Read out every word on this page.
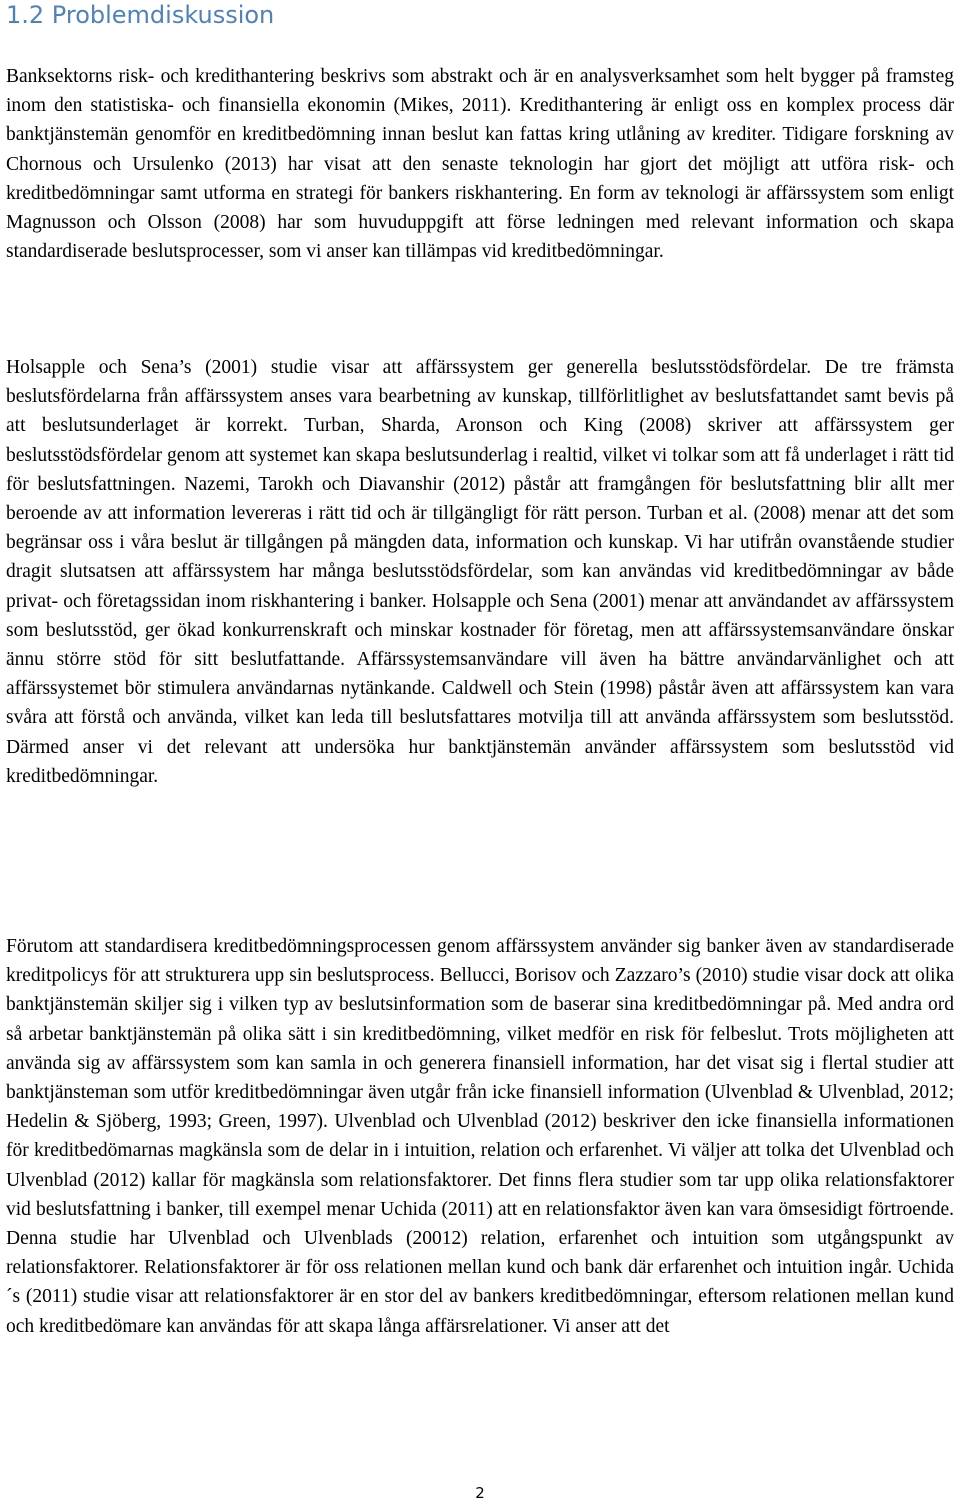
1.2 Problemdiskussion

Banksektorns risk- och kredithantering beskrivs som abstrakt och är en analysverksamhet som helt bygger på framsteg inom den statistiska- och finansiella ekonomin (Mikes, 2011). Kredithantering är enligt oss en komplex process där banktjänstemän genomför en kreditbedömning innan beslut kan fattas kring utlåning av krediter. Tidigare forskning av Chornous och Ursulenko (2013) har visat att den senaste teknologin har gjort det möjligt att utföra risk- och kreditbedömningar samt utforma en strategi för bankers riskhantering. En form av teknologi är affärssystem som enligt Magnusson och Olsson (2008) har som huvuduppgift att förse ledningen med relevant information och skapa standardiserade beslutsprocesser, som vi anser kan tillämpas vid kreditbedömningar.

Holsapple och Sena’s (2001) studie visar att affärssystem ger generella beslutsstödsfördelar. De tre främsta beslutsfördelarna från affärssystem anses vara bearbetning av kunskap, tillförlitlighet av beslutsfattandet samt bevis på att beslutsunderlaget är korrekt. Turban, Sharda, Aronson och King (2008) skriver att affärssystem ger beslutsstödsfördelar genom att systemet kan skapa beslutsunderlag i realtid, vilket vi tolkar som att få underlaget i rätt tid för beslutsfattningen. Nazemi, Tarokh och Diavanshir (2012) påstår att framgången för beslutsfattning blir allt mer beroende av att information levereras i rätt tid och är tillgängligt för rätt person. Turban et al. (2008) menar att det som begränsar oss i våra beslut är tillgången på mängden data, information och kunskap. Vi har utifrån ovanstående studier dragit slutsatsen att affärssystem har många beslutsstödsfördelar, som kan användas vid kreditbedömningar av både privat- och företagssidan inom riskhantering i banker. Holsapple och Sena (2001) menar att användandet av affärssystem som beslutsstöd, ger ökad konkurrenskraft och minskar kostnader för företag, men att affärssystemsanvändare önskar ännu större stöd för sitt beslutfattande. Affärssystemsanvändare vill även ha bättre användarvänlighet och att affärssystemet bör stimulera användarnas nytänkande. Caldwell och Stein (1998) påstår även att affärssystem kan vara svåra att förstå och använda, vilket kan leda till beslutsfattares motvilja till att använda affärssystem som beslutsstöd. Därmed anser vi det relevant att undersöka hur banktjänstemän använder affärssystem som beslutsstöd vid kreditbedömningar.

Förutom att standardisera kreditbedömningsprocessen genom affärssystem använder sig banker även av standardiserade kreditpolicys för att strukturera upp sin beslutsprocess. Bellucci, Borisov och Zazzaro’s (2010) studie visar dock att olika banktjänstemän skiljer sig i vilken typ av beslutsinformation som de baserar sina kreditbedömningar på. Med andra ord så arbetar banktjänstemän på olika sätt i sin kreditbedömning, vilket medför en risk för felbeslut. Trots möjligheten att använda sig av affärssystem som kan samla in och generera finansiell information, har det visat sig i flertal studier att banktjänsteman som utför kreditbedömningar även utgår från icke finansiell information (Ulvenblad & Ulvenblad, 2012; Hedelin & Sjöberg, 1993; Green, 1997). Ulvenblad och Ulvenblad (2012) beskriver den icke finansiella informationen för kreditbedömarnas magkänsla som de delar in i intuition, relation och erfarenhet. Vi väljer att tolka det Ulvenblad och Ulvenblad (2012) kallar för magkänsla som relationsfaktorer. Det finns flera studier som tar upp olika relationsfaktorer vid beslutsfattning i banker, till exempel menar Uchida (2011) att en relationsfaktor även kan vara ömsesidigt förtroende. Denna studie har Ulvenblad och Ulvenblads (20012) relation, erfarenhet och intuition som utgångspunkt av relationsfaktorer. Relationsfaktorer är för oss relationen mellan kund och bank där erfarenhet och intuition ingår. Uchida´s (2011) studie visar att relationsfaktorer är en stor del av bankers kreditbedömningar, eftersom relationen mellan kund och kreditbedömare kan användas för att skapa långa affärsrelationer. Vi anser att det

2
